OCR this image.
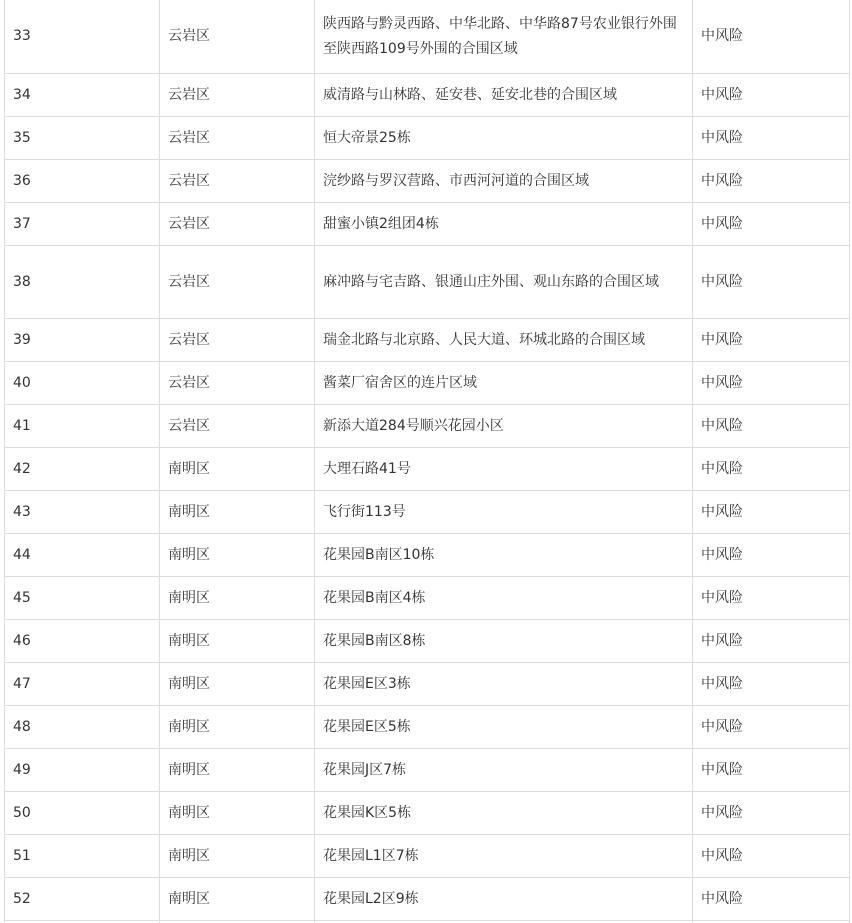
33	云岩区	陕西路与黔灵西路、中华北路、中华路87号农业银行外围至陕西路109号外围的合围区域	中风险
34	云岩区	威清路与山林路、延安巷、延安北巷的合围区域	中风险
35	云岩区	恒大帝景25栋	中风险
36	云岩区	浣纱路与罗汉营路、市西河河道的合围区域	中风险
37	云岩区	甜蜜小镇2组团4栋	中风险
38	云岩区	麻冲路与宅吉路、银通山庄外围、观山东路的合围区域	中风险
39	云岩区	瑞金北路与北京路、人民大道、环城北路的合围区域	中风险
40	云岩区	酱菜厂宿舍区的连片区域	中风险
41	云岩区	新添大道284号顺兴花园小区	中风险
42	南明区	大理石路41号	中风险
43	南明区	飞行街113号	中风险
44	南明区	花果园B南区10栋	中风险
45	南明区	花果园B南区4栋	中风险
46	南明区	花果园B南区8栋	中风险
47	南明区	花果园E区3栋	中风险
48	南明区	花果园E区5栋	中风险
49	南明区	花果园J区7栋	中风险
50	南明区	花果园K区5栋	中风险
51	南明区	花果园L1区7栋	中风险
52	南明区	花果园L2区9栋	中风险
